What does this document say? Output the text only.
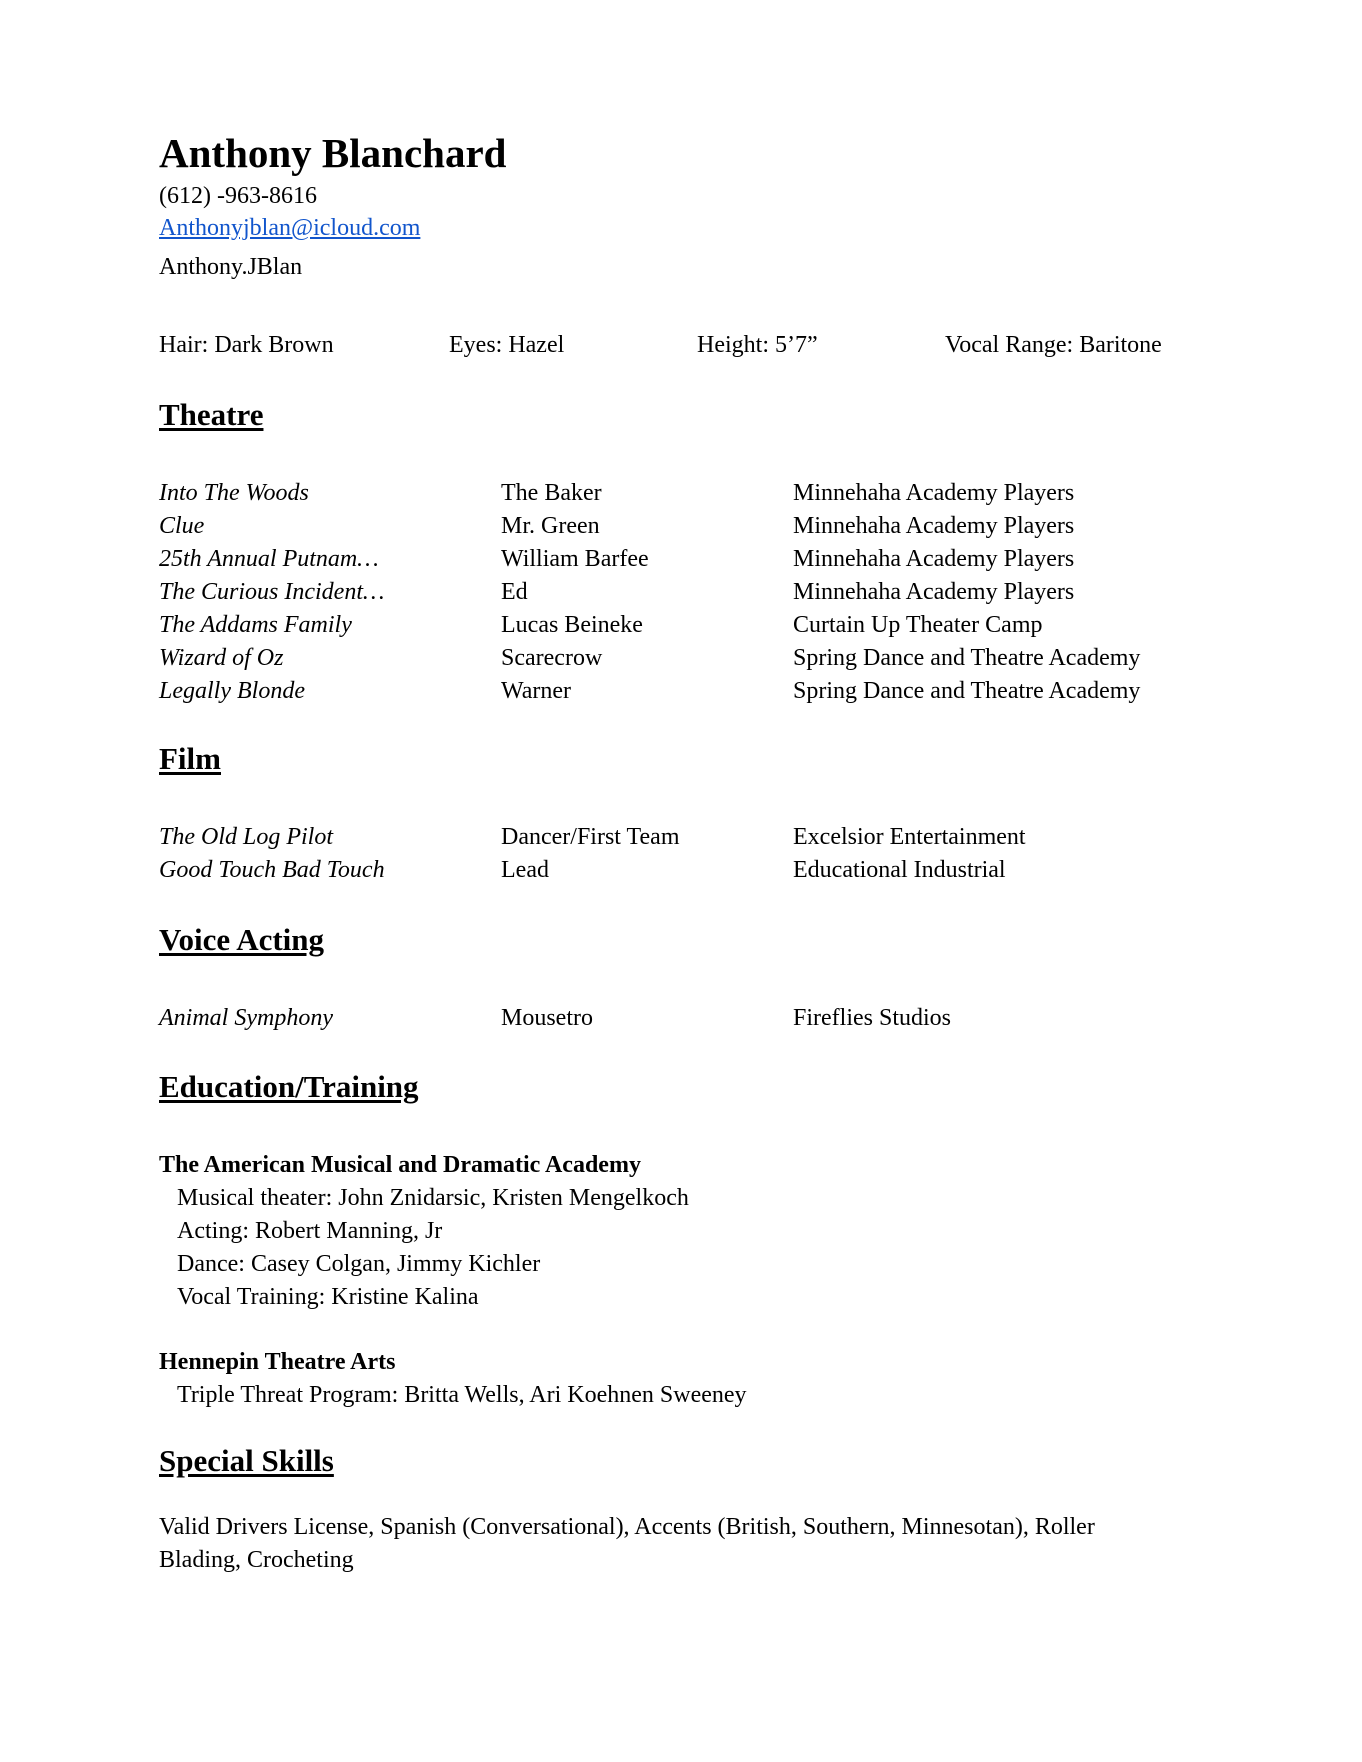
Anthony Blanchard
(612) -963-8616
Anthonyjblan@icloud.com
Anthony.JBlan
Hair: Dark Brown	Eyes: Hazel	Height: 5’7”	Vocal Range: Baritone
Theatre
Into The Woods	The Baker	Minnehaha Academy Players
Clue	Mr. Green	Minnehaha Academy Players
25th Annual Putnam…	William Barfee	Minnehaha Academy Players
The Curious Incident…	Ed	Minnehaha Academy Players
The Addams Family	Lucas Beineke	Curtain Up Theater Camp
Wizard of Oz	Scarecrow	Spring Dance and Theatre Academy
Legally Blonde	Warner	Spring Dance and Theatre Academy
Film
The Old Log Pilot	Dancer/First Team	Excelsior Entertainment
Good Touch Bad Touch	Lead	Educational Industrial
Voice Acting
Animal Symphony	Mousetro	Fireflies Studios
Education/Training
The American Musical and Dramatic Academy
Musical theater: John Znidarsic, Kristen Mengelkoch
Acting: Robert Manning, Jr
Dance: Casey Colgan, Jimmy Kichler
Vocal Training: Kristine Kalina
Hennepin Theatre Arts
Triple Threat Program: Britta Wells, Ari Koehnen Sweeney
Special Skills
Valid Drivers License, Spanish (Conversational), Accents (British, Southern, Minnesotan), Roller Blading, Crocheting
